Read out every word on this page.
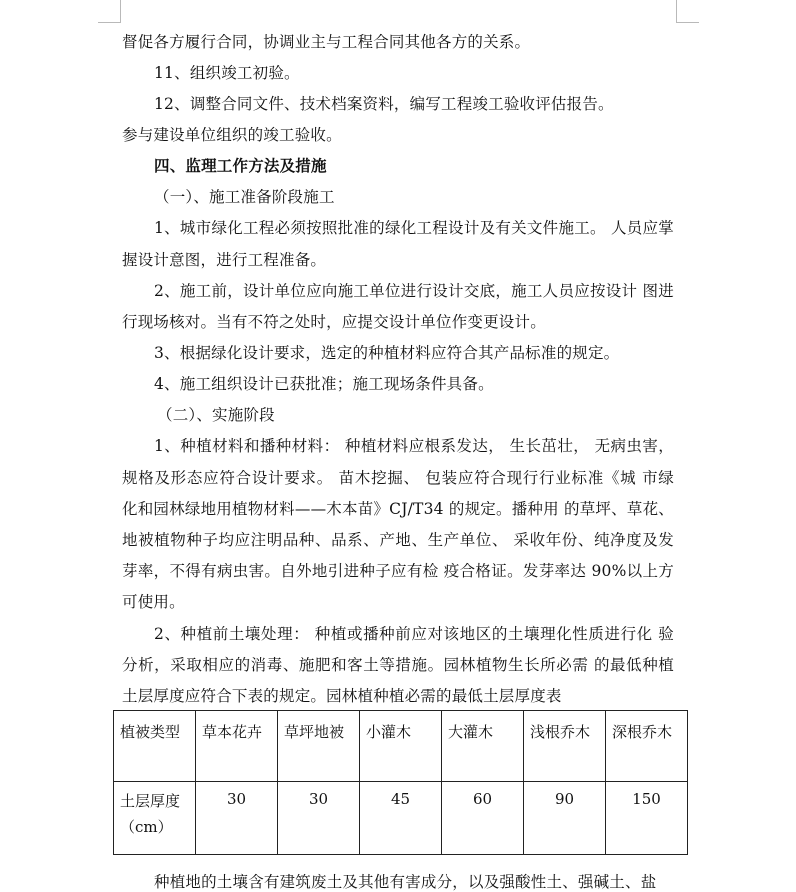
督促各方履行合同，协调业主与工程合同其他各方的关系。
11、组织竣工初验。
12、调整合同文件、技术档案资料，编写工程竣工验收评估报告。
参与建设单位组织的竣工验收。
四、监理工作方法及措施
（一）、施工准备阶段施工
1、城市绿化工程必须按照批准的绿化工程设计及有关文件施工。 人员应掌
握设计意图，进行工程准备。
2、施工前，设计单位应向施工单位进行设计交底，施工人员应按设计 图进
行现场核对。当有不符之处时，应提交设计单位作变更设计。
3、根据绿化设计要求，选定的种植材料应符合其产品标准的规定。
4、施工组织设计已获批准；施工现场条件具备。
（二）、实施阶段
1、种植材料和播种材料： 种植材料应根系发达， 生长茁壮， 无病虫害，
规格及形态应符合设计要求。 苗木挖掘、 包装应符合现行行业标准《城 市绿
化和园林绿地用植物材料——木本苗》CJ/T34 的规定。播种用 的草坪、草花、
地被植物种子均应注明品种、品系、产地、生产单位、 采收年份、纯净度及发
芽率，不得有病虫害。自外地引进种子应有检 疫合格证。发芽率达 90%以上方
可使用。
2、种植前土壤处理： 种植或播种前应对该地区的土壤理化性质进行化 验
分析，采取相应的消毒、施肥和客土等措施。园林植物生长所必需 的最低种植
土层厚度应符合下表的规定。园林植种植必需的最低土层厚度表
植被类型	草本花卉	草坪地被	小灌木	大灌木	浅根乔木	深根乔木
土层厚度
（cm）	30	30	45	60	90	150
种植地的土壤含有建筑废土及其他有害成分，以及强酸性土、强碱土、盐
